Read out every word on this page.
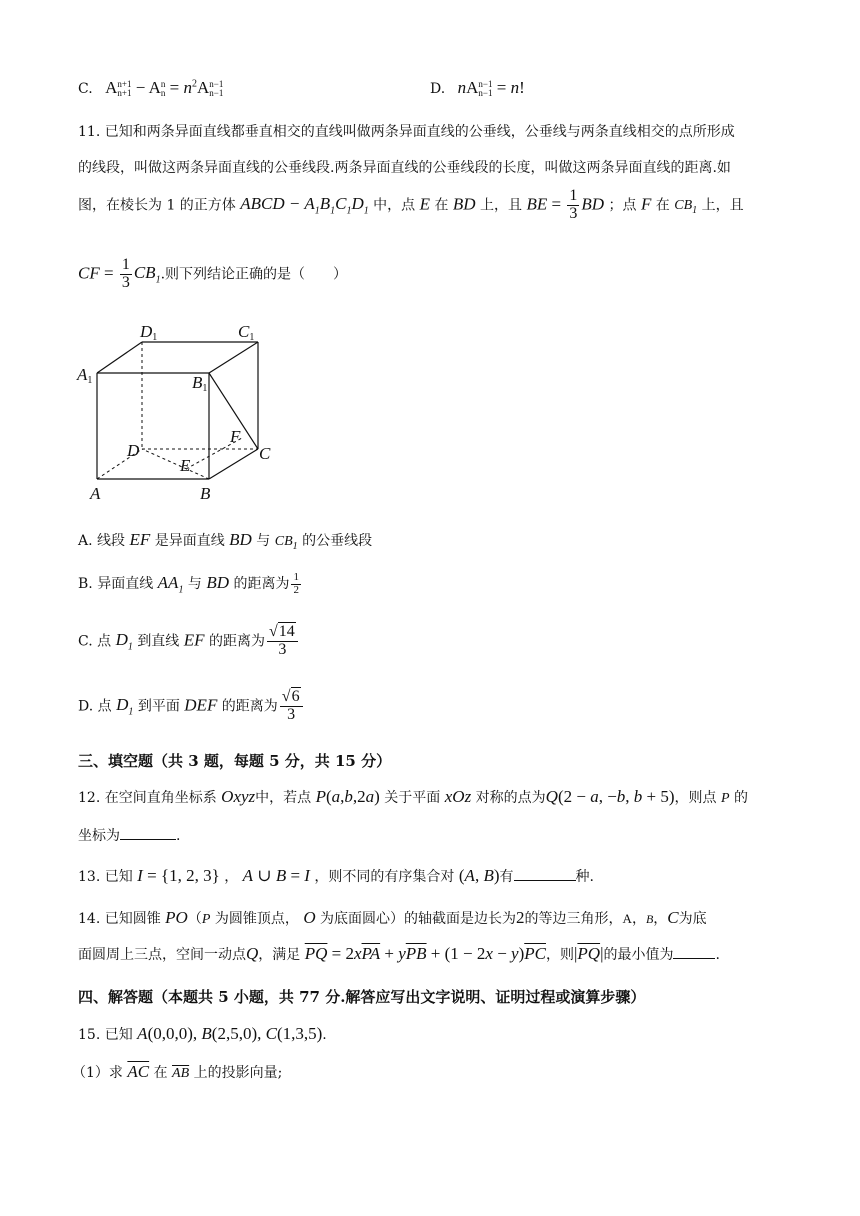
C. A n+1
n+1 − A n
$n = n^2A$ n−1
n−1	D. nA n−1
n−1 = n!
11. 已知和两条异面直线都垂直相交的直线叫做两条异面直线的公垂线，公垂线与两条直线相交的点所形成
的线段，叫做这两条异面直线的公垂线段.两条异面直线的公垂线段的长度，叫做这两条异面直线的距离.如
图，在棱长为 1 的正方体 ABCD − $A_1B_1C_1D_1$ 中，点 E 在 BD 上，且 BE = $\frac{1}{3}$ BD ；点 F 在 $CB_1$ 上，且
CF = $\frac{1}{3} CB_1$.则下列结论正确的是（　　）
D1	C1
A1	B1
F
D	C
E
A	B
A. 线段 EF 是异面直线 BD 与 $CB_1$ 的公垂线段
B. 异面直线 $AA_1$ 与 BD 的距离为 $\frac{1}{2}$
C. 点 $D_1$ 到直线 EF 的距离为 $\frac{√14}{3}$
D. 点 $D_1$ 到平面 DEF 的距离为 $\frac{√6}{3}$
三、填空题（共 3 题，每题 5 分，共 15 分）
12. 在空间直角坐标系 Oxyz中，若点 P(a,b,2a) 关于平面 xOz 对称的点为Q(2 − a, −b, b + 5)，则点 P 的
坐标为	.
13. 已知 I = {1, 2, 3} ， A ∪ B = I ，则不同的有序集合对 (A, B)有	种.
14. 已知圆锥 PO（P 为圆锥顶点， O 为底面圆心）的轴截面是边长为2的等边三角形，A，B，C为底
面圆周上三点，空间一动点Q，满足 $\overline{PQ} = 2x\overline{PA} + y\overline{PB} + (1 - 2x - y)\overline{PC}$，则$|\overline{PQ}|$的最小值为	.
四、解答题（本题共 5 小题，共 77 分.解答应写出文字说明、证明过程或演算步骤）
15. 已知 A(0,0,0), B(2,5,0), C(1,3,5).
（1）求 $\overline{AC}$ 在 $\overline{AB}$ 上的投影向量;
